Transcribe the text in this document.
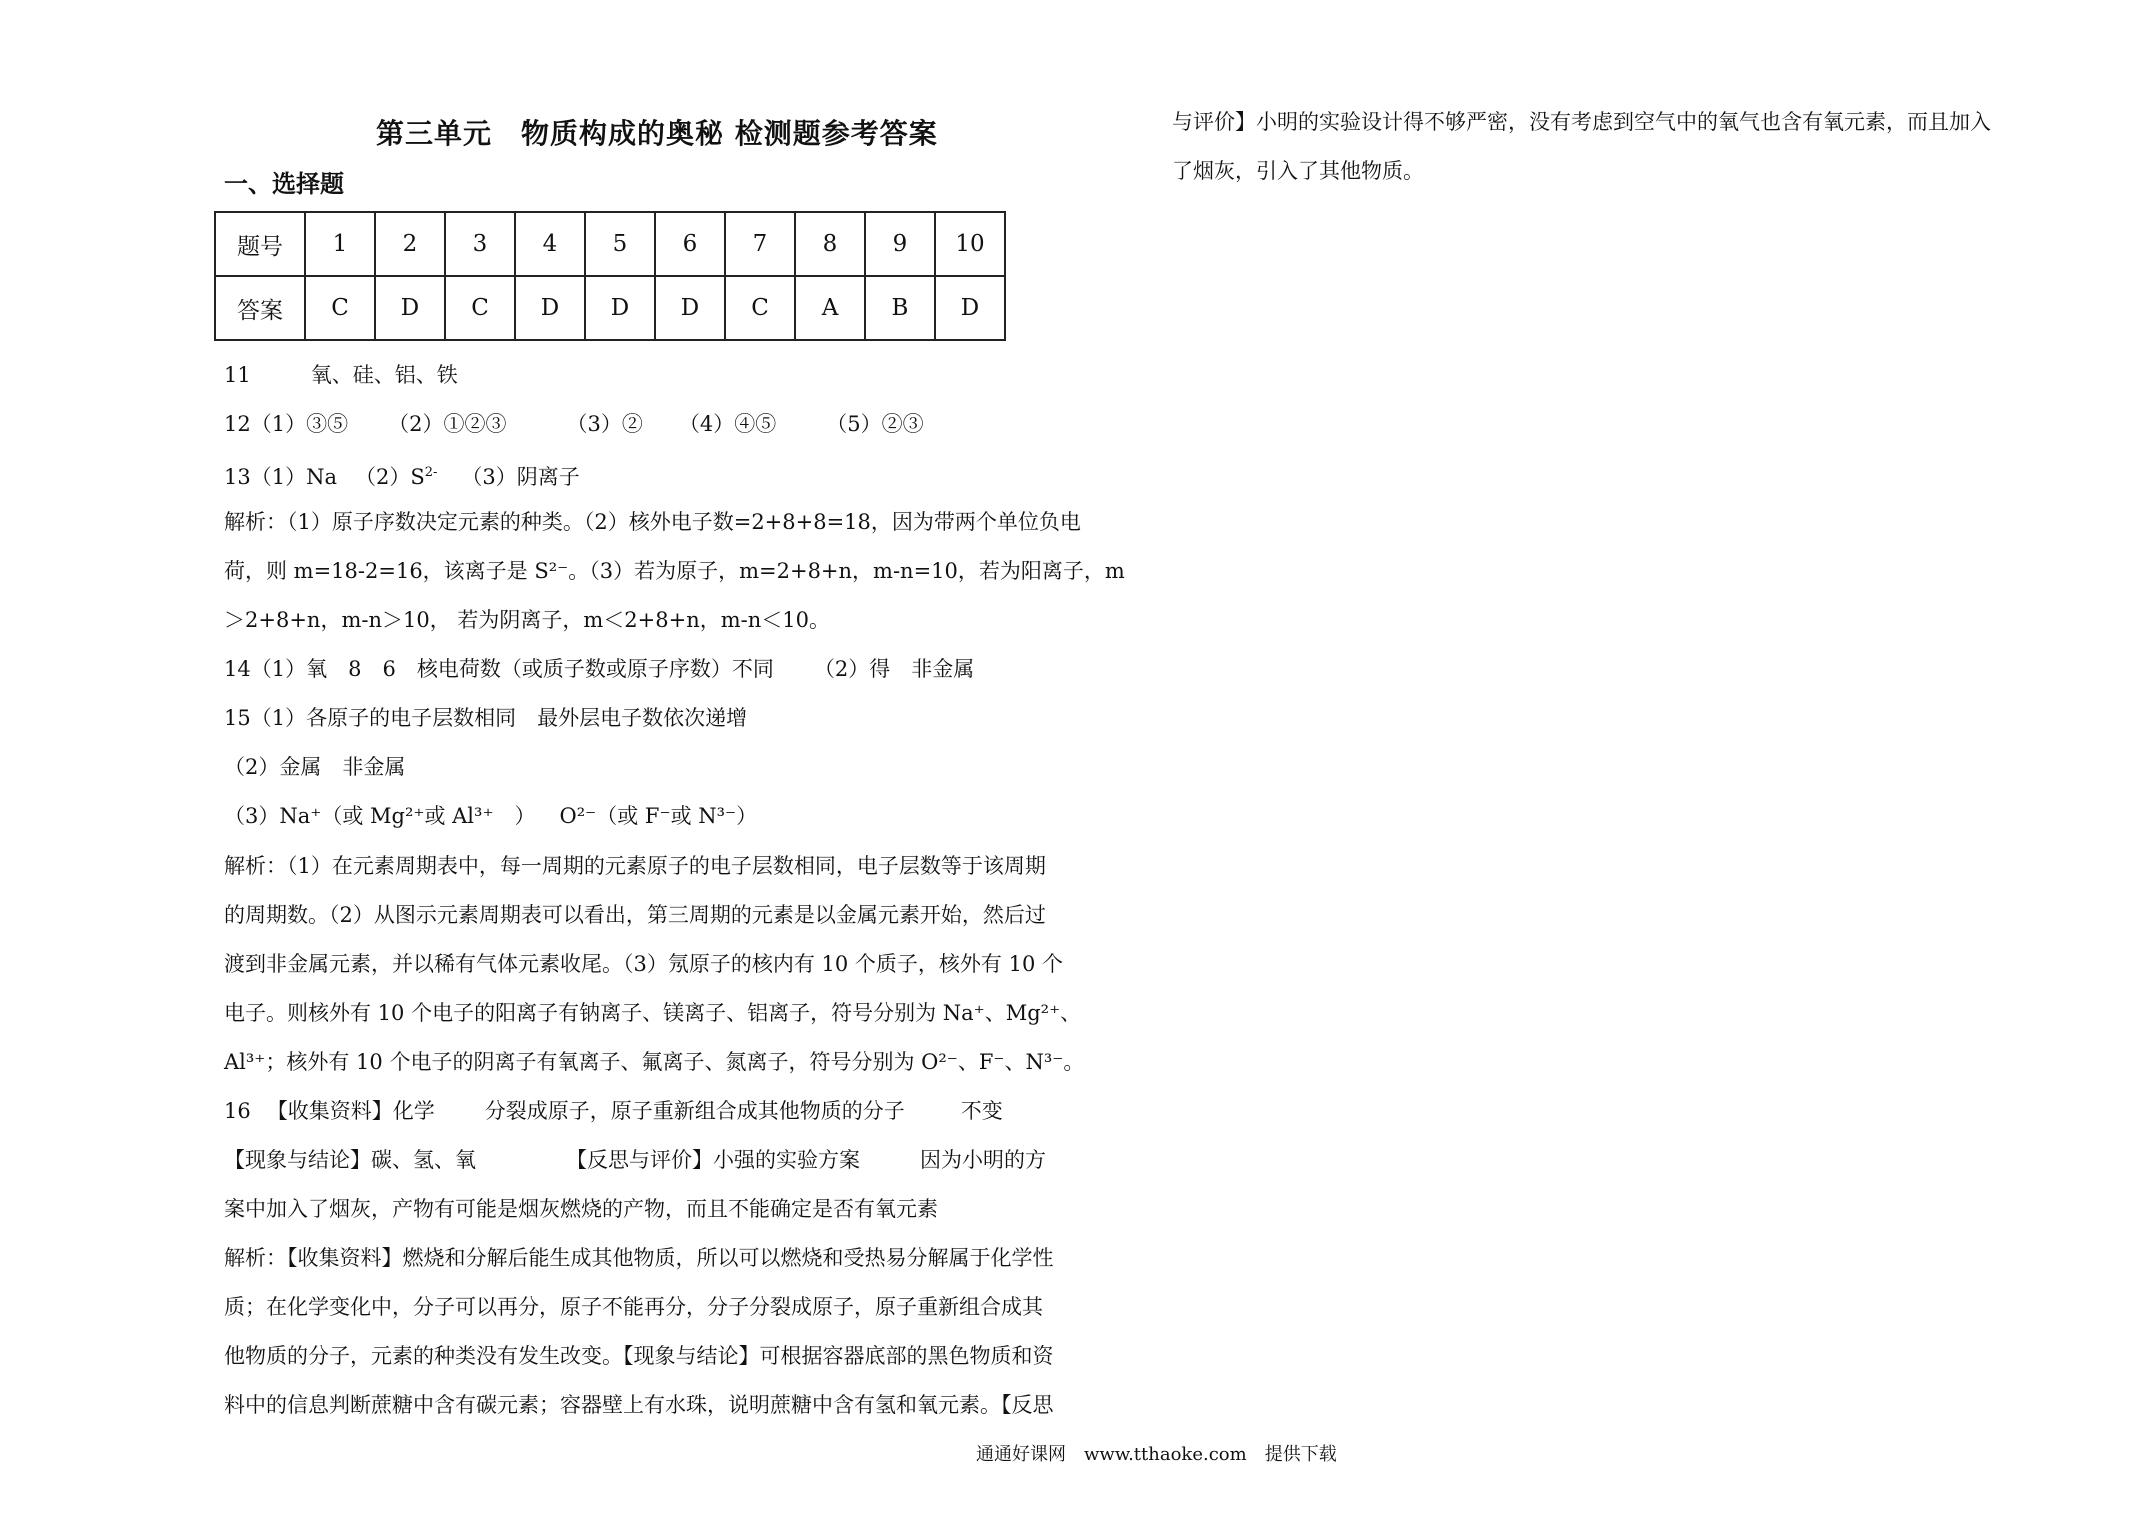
第三单元　物质构成的奥秘 检测题参考答案
一、选择题
题号	1	2	3	4	5	6	7	8	9	10
答案	C	D	C	D	D	D	C	A	B	D
11	氧、硅、铝、铁
12（1）③⑤ （2）①②③	（3）② （4）④⑤ （5）②③
13（1）Na $(2)S^{2-}$ （3）阴离子
解析：（1）原子序数决定元素的种类。（2）核外电子数=2+8+8=18，因为带两个单位负电
荷，则 m=18-2=16，该离子是 S²⁻。（3）若为原子，m=2+8+n，m-n=10，若为阳离子，m
＞2+8+n，m-n＞10， 若为阴离子，m＜2+8+n，m-n＜10。
14（1）氧　8　6　核电荷数（或质子数或原子序数）不同 （2）得　非金属
15（1）各原子的电子层数相同　最外层电子数依次递增
（2）金属　非金属
（3）Na⁺（或 Mg²⁺或 Al³⁺　） O²⁻（或 F⁻或 N³⁻）
解析：（1）在元素周期表中，每一周期的元素原子的电子层数相同，电子层数等于该周期
的周期数。（2）从图示元素周期表可以看出，第三周期的元素是以金属元素开始，然后过
渡到非金属元素，并以稀有气体元素收尾。（3）氖原子的核内有 10 个质子，核外有 10 个
电子。则核外有 10 个电子的阳离子有钠离子、镁离子、铝离子，符号分别为 Na⁺、Mg²⁺、
Al³⁺；核外有 10 个电子的阴离子有氧离子、氟离子、氮离子，符号分别为 O²⁻、F⁻、N³⁻。
16 【收集资料】化学 分裂成原子，原子重新组合成其他物质的分子	不变
【现象与结论】碳、氢、氧	【反思与评价】小强的实验方案	因为小明的方
案中加入了烟灰，产物有可能是烟灰燃烧的产物，而且不能确定是否有氧元素
解析：【收集资料】燃烧和分解后能生成其他物质，所以可以燃烧和受热易分解属于化学性
质；在化学变化中，分子可以再分，原子不能再分，分子分裂成原子，原子重新组合成其
他物质的分子，元素的种类没有发生改变。【现象与结论】可根据容器底部的黑色物质和资
料中的信息判断蔗糖中含有碳元素；容器壁上有水珠，说明蔗糖中含有氢和氧元素。【反思
与评价】小明的实验设计得不够严密，没有考虑到空气中的氧气也含有氧元素，而且加入
了烟灰，引入了其他物质。
通通好课网　www.tthaoke.com　提供下载
